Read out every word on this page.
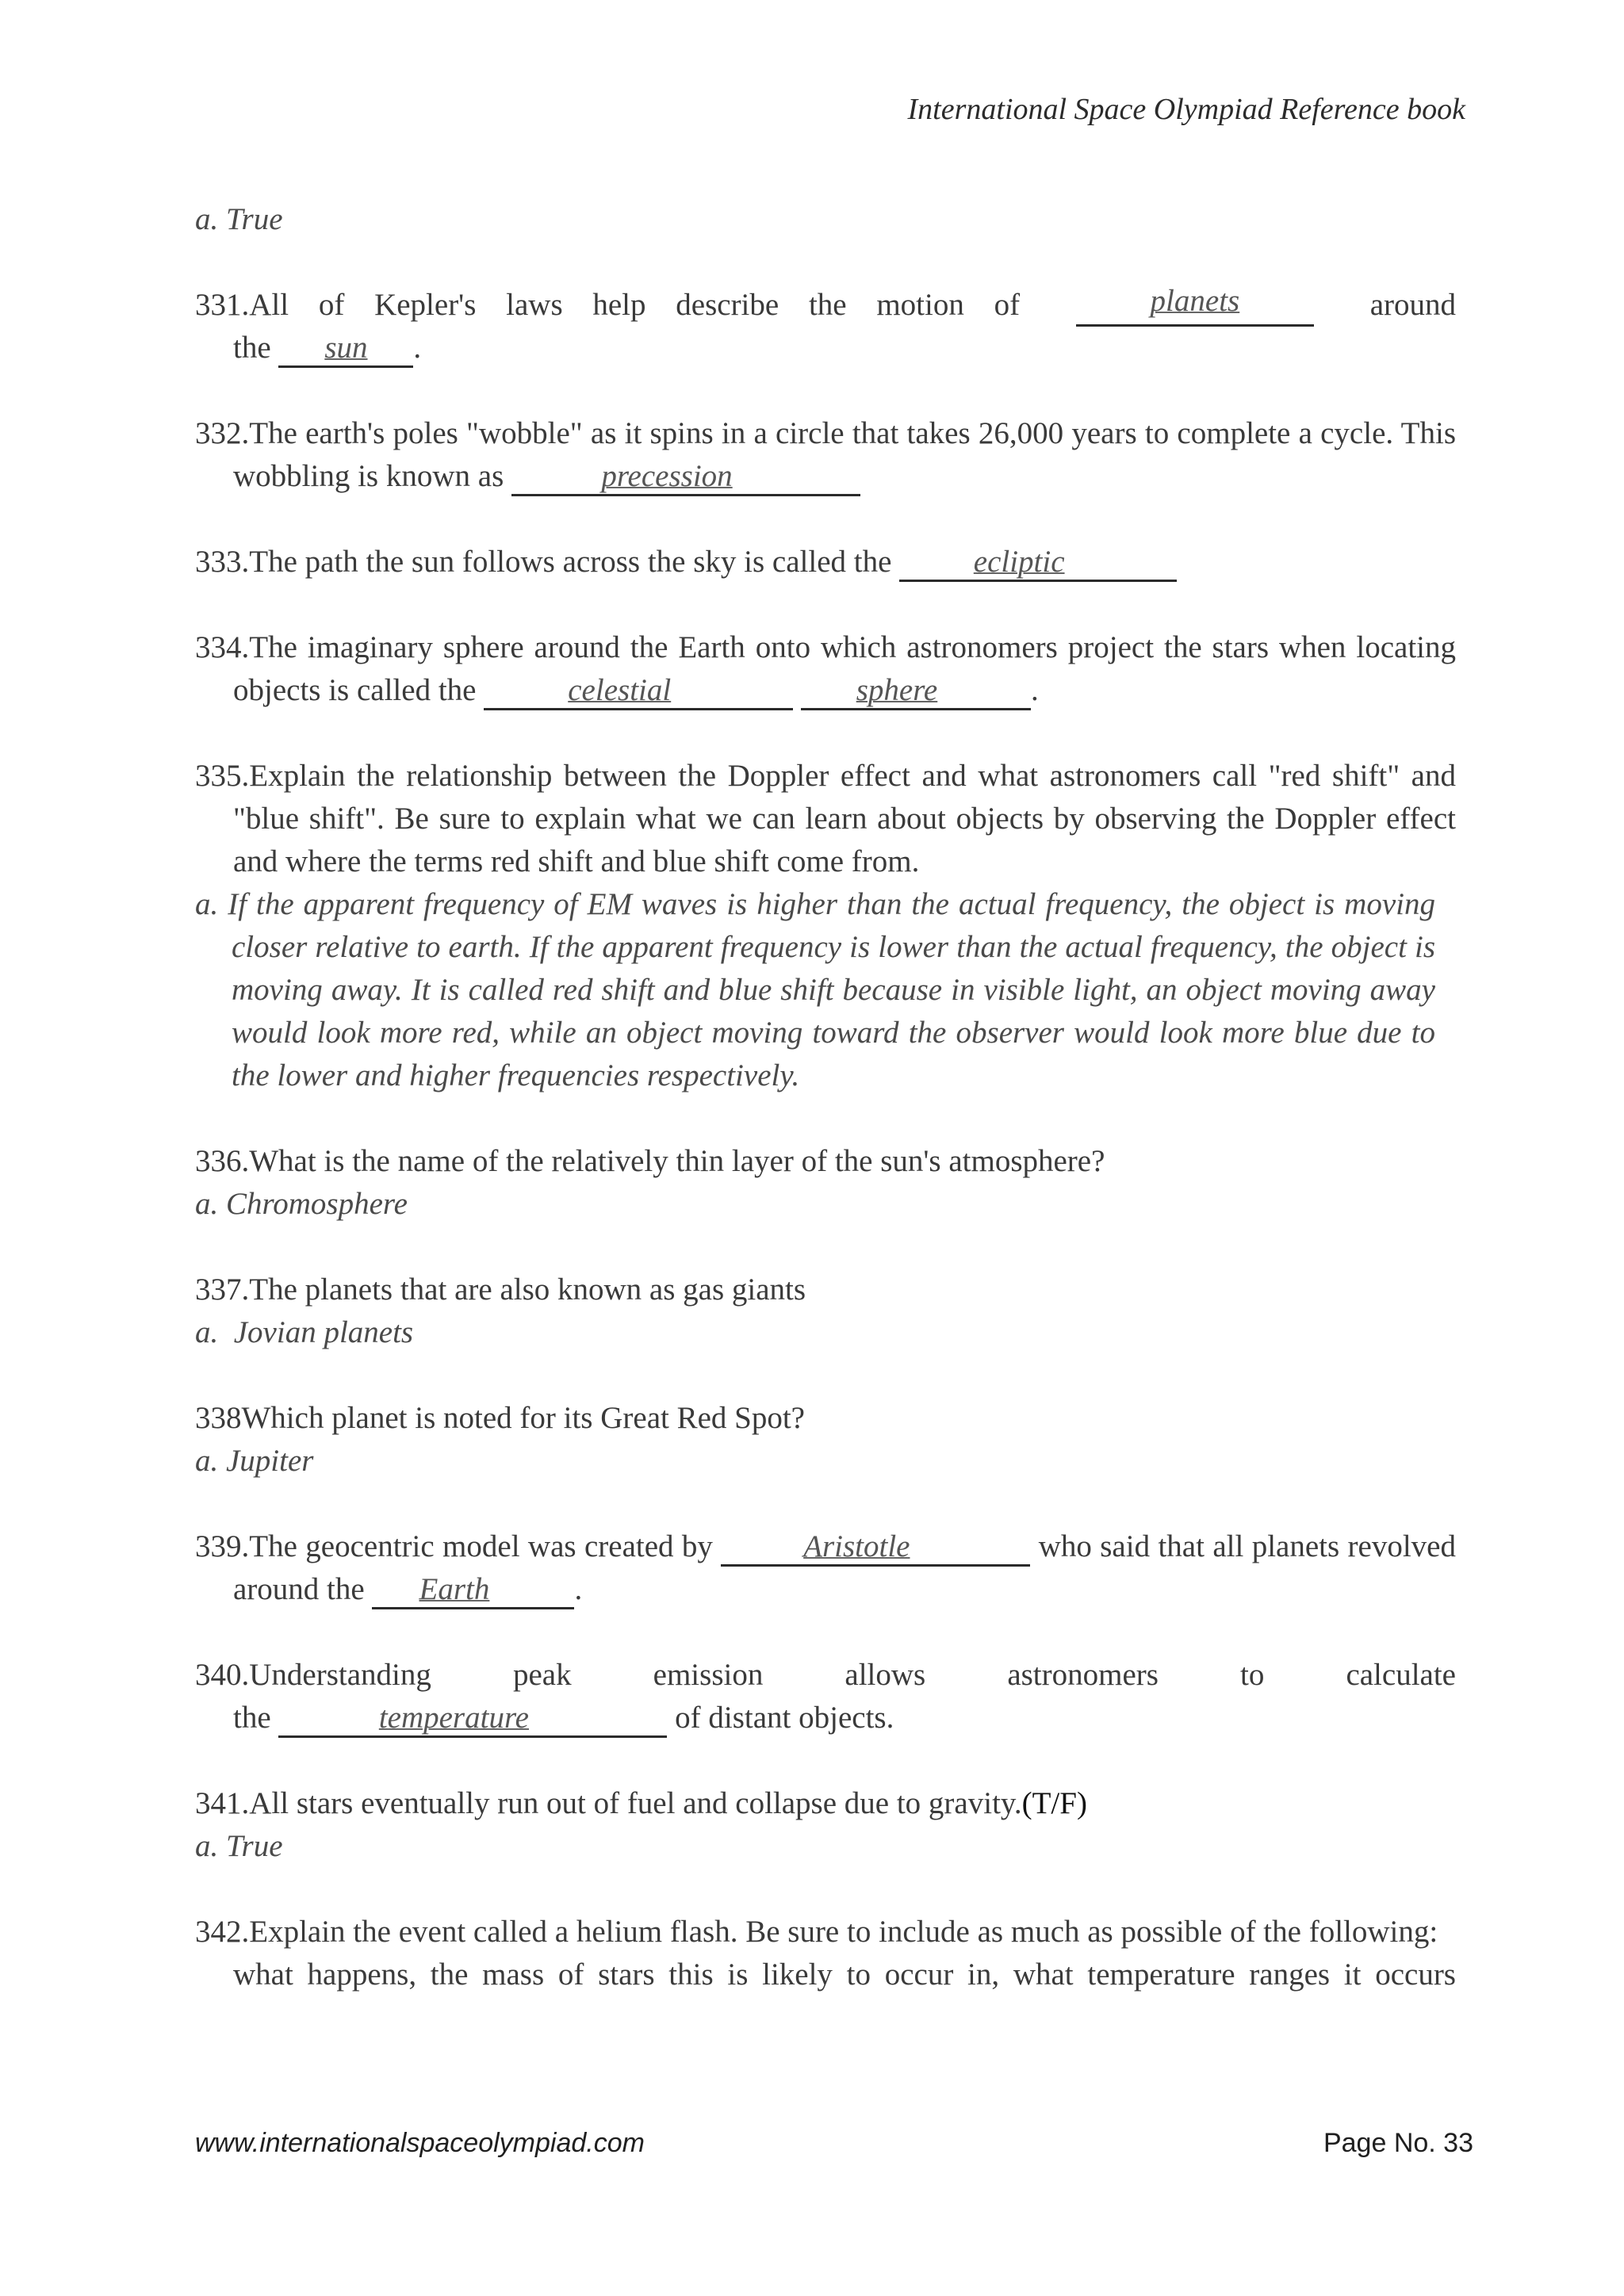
International Space Olympiad Reference book
a. True
331.All of Kepler's laws help describe the motion of	planets	around
the sun .
332.The earth's poles "wobble" as it spins in a circle that takes 26,000 years to complete a cycle. This wobbling is known as	precession
333.The path the sun follows across the sky is called the	ecliptic
334.The imaginary sphere around the Earth onto which astronomers project the stars when locating objects is called the	celestial	sphere	.
335.Explain the relationship between the Doppler effect and what astronomers call "red shift" and "blue shift". Be sure to explain what we can learn about objects by observing the Doppler effect and where the terms red shift and blue shift come from.
a. If the apparent frequency of EM waves is higher than the actual frequency, the object is moving closer relative to earth. If the apparent frequency is lower than the actual frequency, the object is moving away. It is called red shift and blue shift because in visible light, an object moving away would look more red, while an object moving toward the observer would look more blue due to the lower and higher frequencies respectively.
336.What is the name of the relatively thin layer of the sun's atmosphere?
a. Chromosphere
337.The planets that are also known as gas giants
a.  Jovian planets
338Which planet is noted for its Great Red Spot?
a. Jupiter
339.The geocentric model was created by	Aristotle	who said that all planets revolved around the Earth	.
340.Understanding peak emission allows astronomers to calculate the	temperature	of distant objects.
341.All stars eventually run out of fuel and collapse due to gravity.(T/F)
a. True
342.Explain the event called a helium flash. Be sure to include as much as possible of the following:
what happens, the mass of stars this is likely to occur in, what temperature ranges it occurs
www.internationalspaceolympiad.com	Page No. 33
